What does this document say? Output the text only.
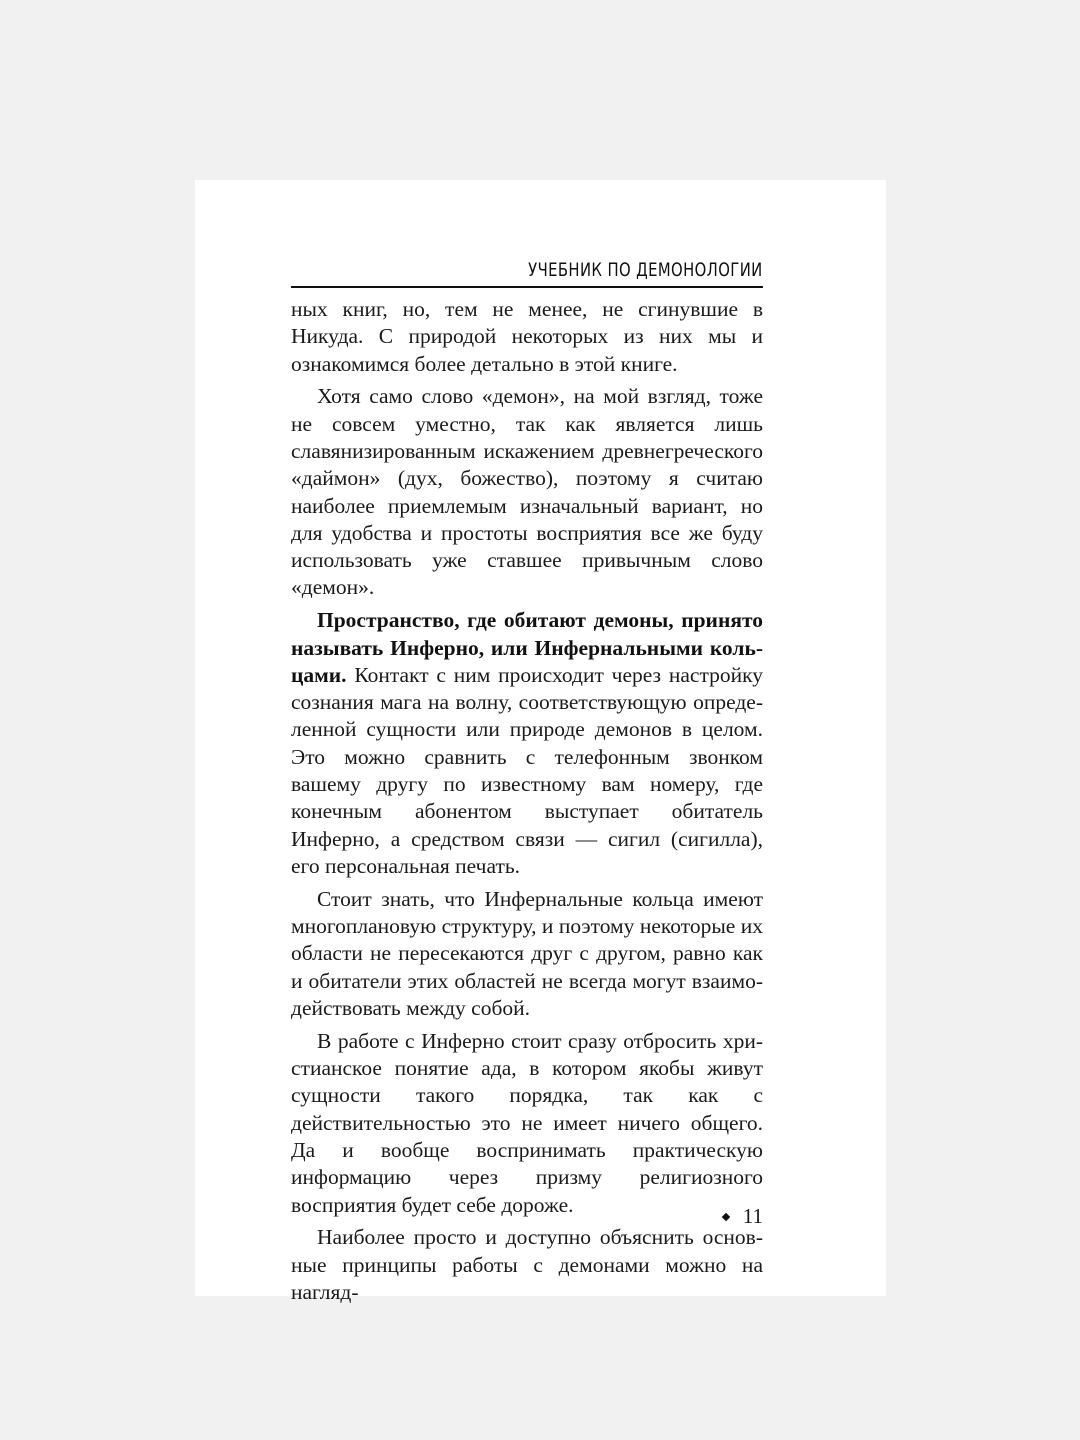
УЧЕБНИК ПО ДЕМОНОЛОГИИ

ных книг, но, тем не менее, не сгинувшие в Никуда. С природой некоторых из них мы и ознакомимся более детально в этой книге.

Хотя само слово «демон», на мой взгляд, тоже не совсем уместно, так как является лишь славянизированным искажением древнегреческого «даймон» (дух, божество), поэтому я считаю наиболее приемлемым изначальный вариант, но для удобства и простоты восприятия все же буду использовать уже ставшее привычным слово «демон».

Пространство, где обитают демоны, принято называть Инферно, или Инфернальными кольцами. Контакт с ним происходит через настройку сознания мага на волну, соответствующую определенной сущности или природе демонов в целом. Это можно сравнить с телефонным звонком вашему другу по известному вам номеру, где конечным абонентом выступает обитатель Инферно, а средством связи — сигил (сигилла), его персональная печать.

Стоит знать, что Инфернальные кольца имеют многоплановую структуру, и поэтому некоторые их области не пересекаются друг с другом, равно как и обитатели этих областей не всегда могут взаимодействовать между собой.

В работе с Инферно стоит сразу отбросить христианское понятие ада, в котором якобы живут сущности такого порядка, так как с действительностью это не имеет ничего общего. Да и вообще воспринимать практическую информацию через призму религиозного восприятия будет себе дороже.

Наиболее просто и доступно объяснить основные принципы работы с демонами можно на нагляд-

11
